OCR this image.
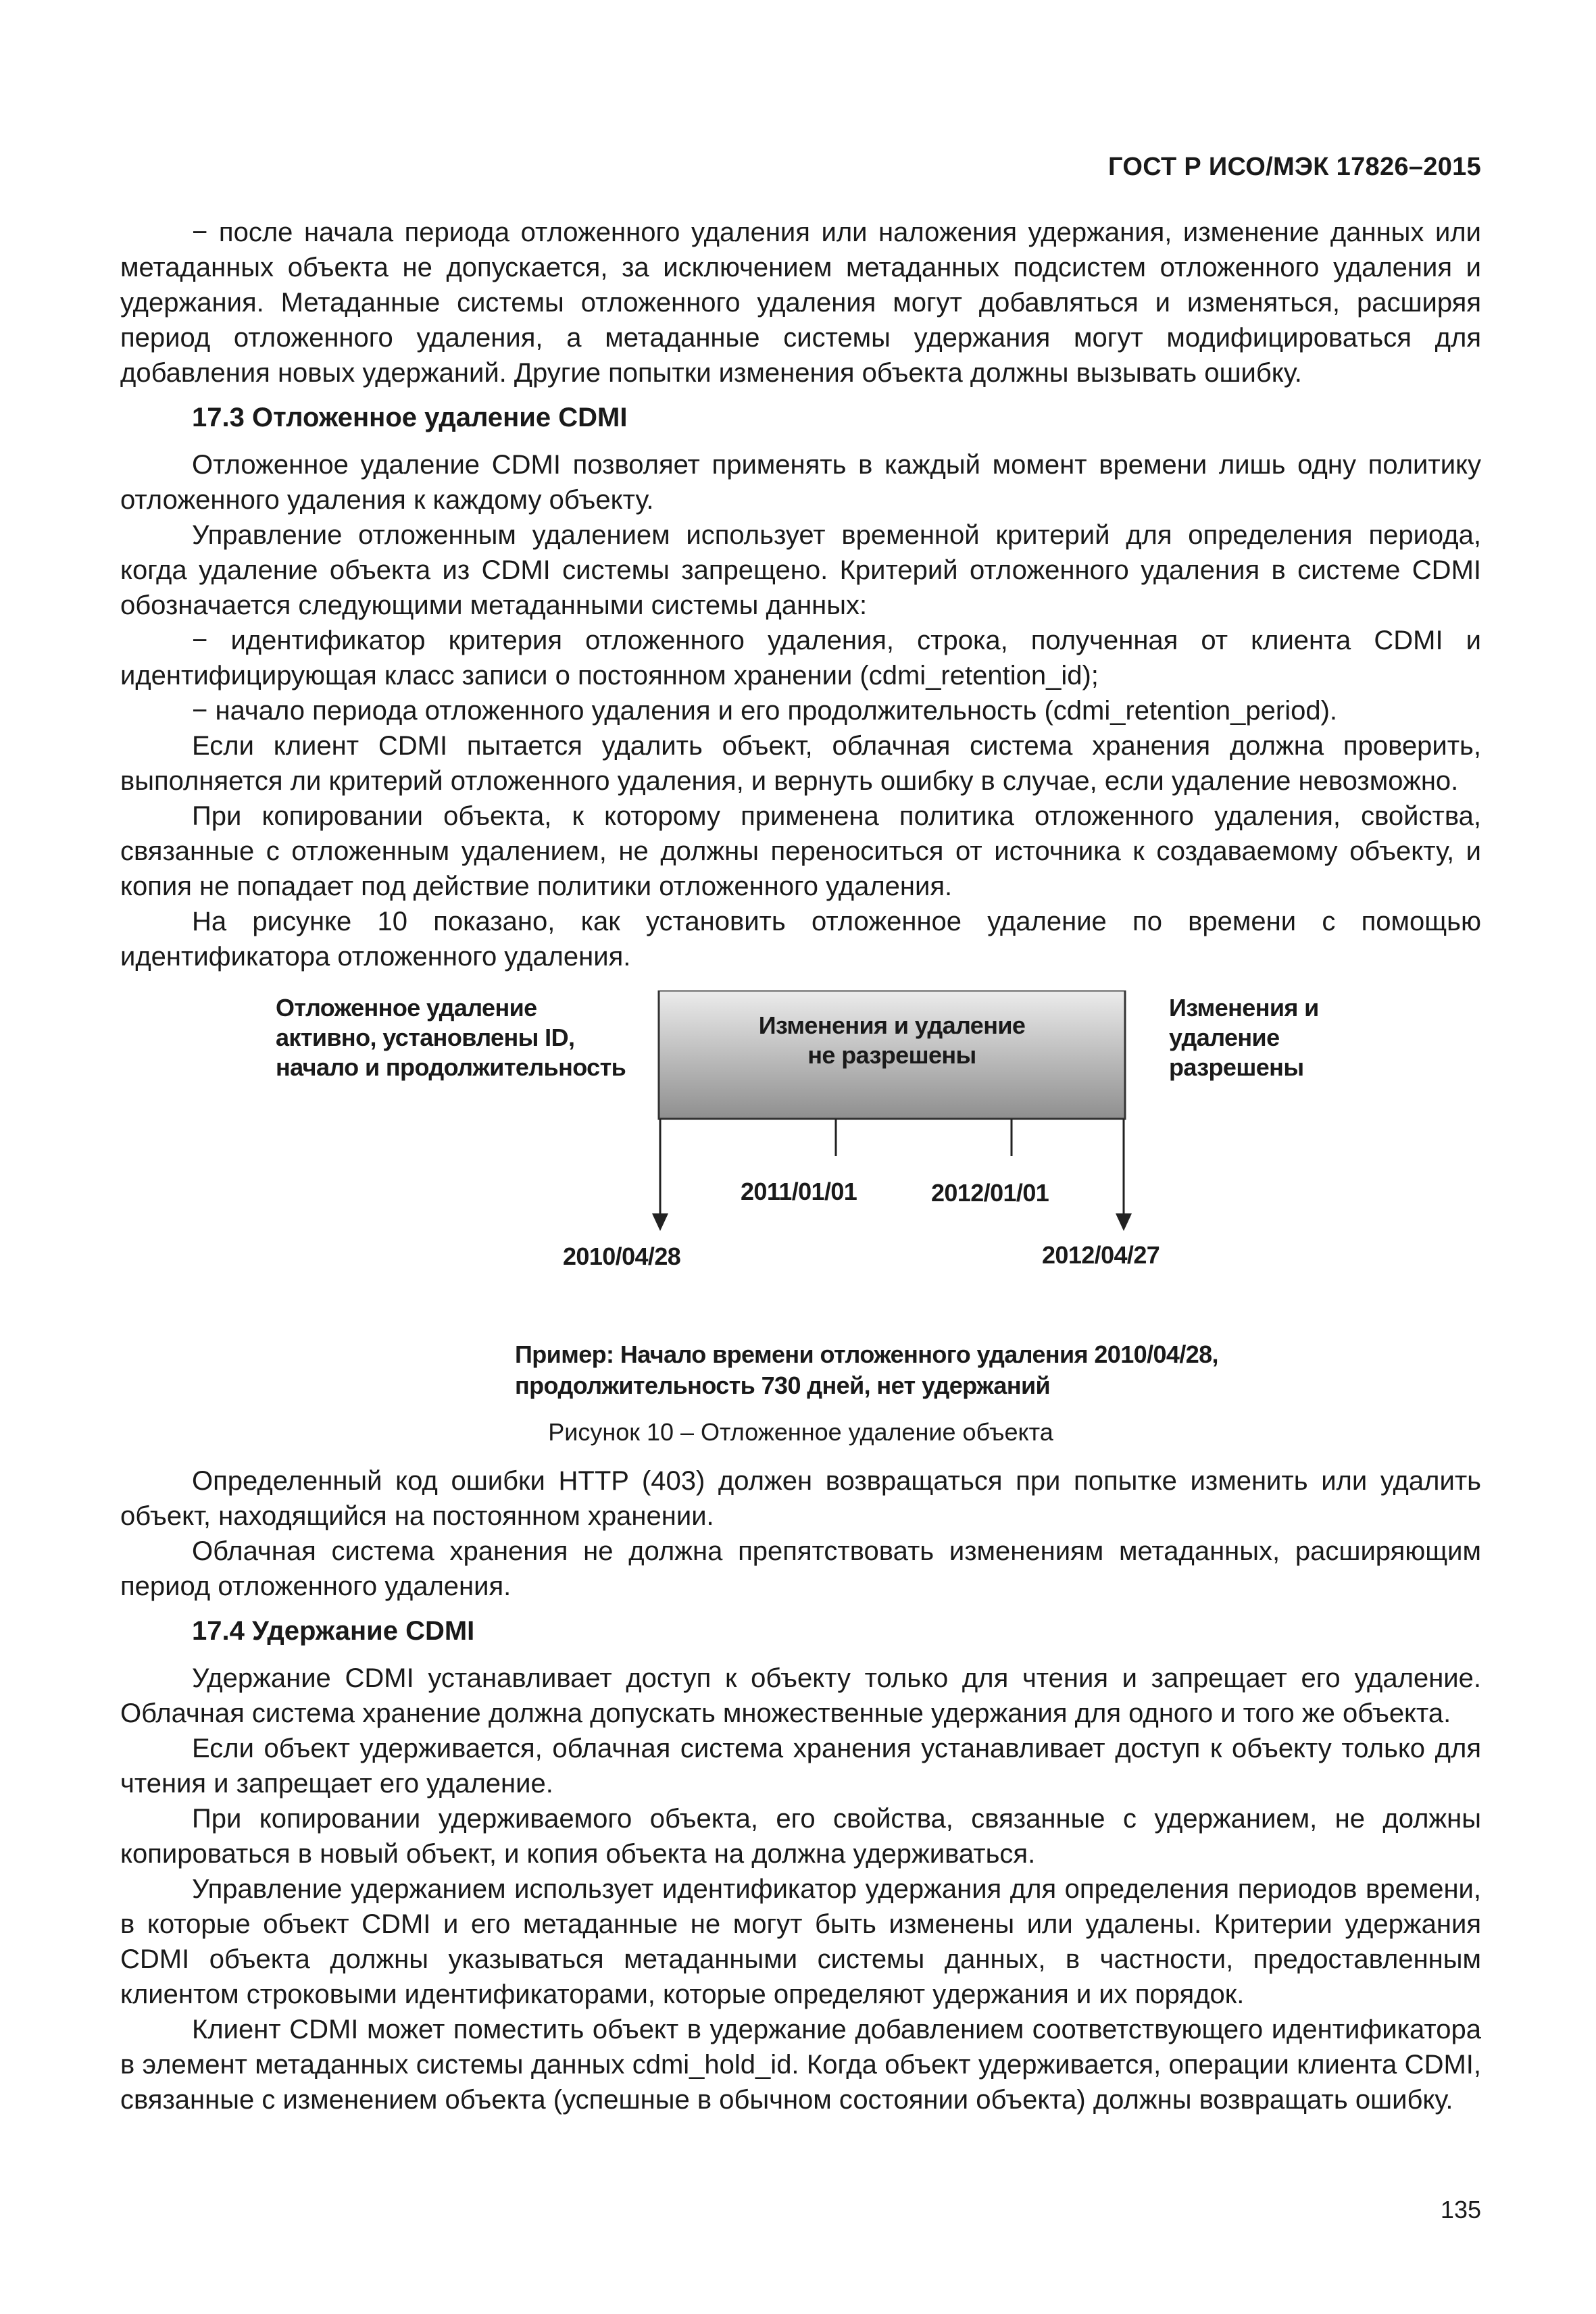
ГОСТ Р ИСО/МЭК 17826–2015

− после начала периода отложенного удаления или наложения удержания, изменение данных или метаданных объекта не допускается, за исключением метаданных подсистем отложенного удаления и удержания. Метаданные системы отложенного удаления могут добавляться и изменяться, расширяя период отложенного удаления, а метаданные системы удержания могут модифицироваться для добавления новых удержаний. Другие попытки изменения объекта должны вызывать ошибку.

17.3 Отложенное удаление CDMI

Отложенное удаление CDMI позволяет применять в каждый момент времени лишь одну политику отложенного удаления к каждому объекту.

Управление отложенным удалением использует временной критерий для определения периода, когда удаление объекта из CDMI системы запрещено. Критерий отложенного удаления в системе CDMI обозначается следующими метаданными системы данных:

− идентификатор критерия отложенного удаления, строка, полученная от клиента CDMI и идентифицирующая класс записи о постоянном хранении (cdmi_retention_id);

− начало периода отложенного удаления и его продолжительность (cdmi_retention_period).

Если клиент CDMI пытается удалить объект, облачная система хранения должна проверить, выполняется ли критерий отложенного удаления, и вернуть ошибку в случае, если удаление невозможно.

При копировании объекта, к которому применена политика отложенного удаления, свойства, связанные с отложенным удалением, не должны переноситься от источника к создаваемому объекту, и копия не попадает под действие политики отложенного удаления.

На рисунке 10 показано, как установить отложенное удаление по времени с помощью идентификатора отложенного удаления.

Отложенное удаление
активно, установлены ID,
начало и продолжительность
Изменения и удаление
не разрешены
Изменения и
удаление
разрешены
2011/01/01	2012/01/01
2010/04/28	2012/04/27
Пример: Начало времени отложенного удаления 2010/04/28,
продолжительность 730 дней, нет удержаний
Рисунок 10 – Отложенное удаление объекта

Определенный код ошибки HTTP (403) должен возвращаться при попытке изменить или удалить объект, находящийся на постоянном хранении.

Облачная система хранения не должна препятствовать изменениям метаданных, расширяющим период отложенного удаления.

17.4 Удержание CDMI

Удержание CDMI устанавливает доступ к объекту только для чтения и запрещает его удаление. Облачная система хранение должна допускать множественные удержания для одного и того же объекта.

Если объект удерживается, облачная система хранения устанавливает доступ к объекту только для чтения и запрещает его удаление.

При копировании удерживаемого объекта, его свойства, связанные с удержанием, не должны копироваться в новый объект, и копия объекта на должна удерживаться.

Управление удержанием использует идентификатор удержания для определения периодов времени, в которые объект CDMI и его метаданные не могут быть изменены или удалены. Критерии удержания CDMI объекта должны указываться метаданными системы данных, в частности, предоставленным клиентом строковыми идентификаторами, которые определяют удержания и их порядок.

Клиент CDMI может поместить объект в удержание добавлением соответствующего идентификатора в элемент метаданных системы данных cdmi_hold_id. Когда объект удерживается, операции клиента CDMI, связанные с изменением объекта (успешные в обычном состоянии объекта) должны возвращать ошибку.

135
